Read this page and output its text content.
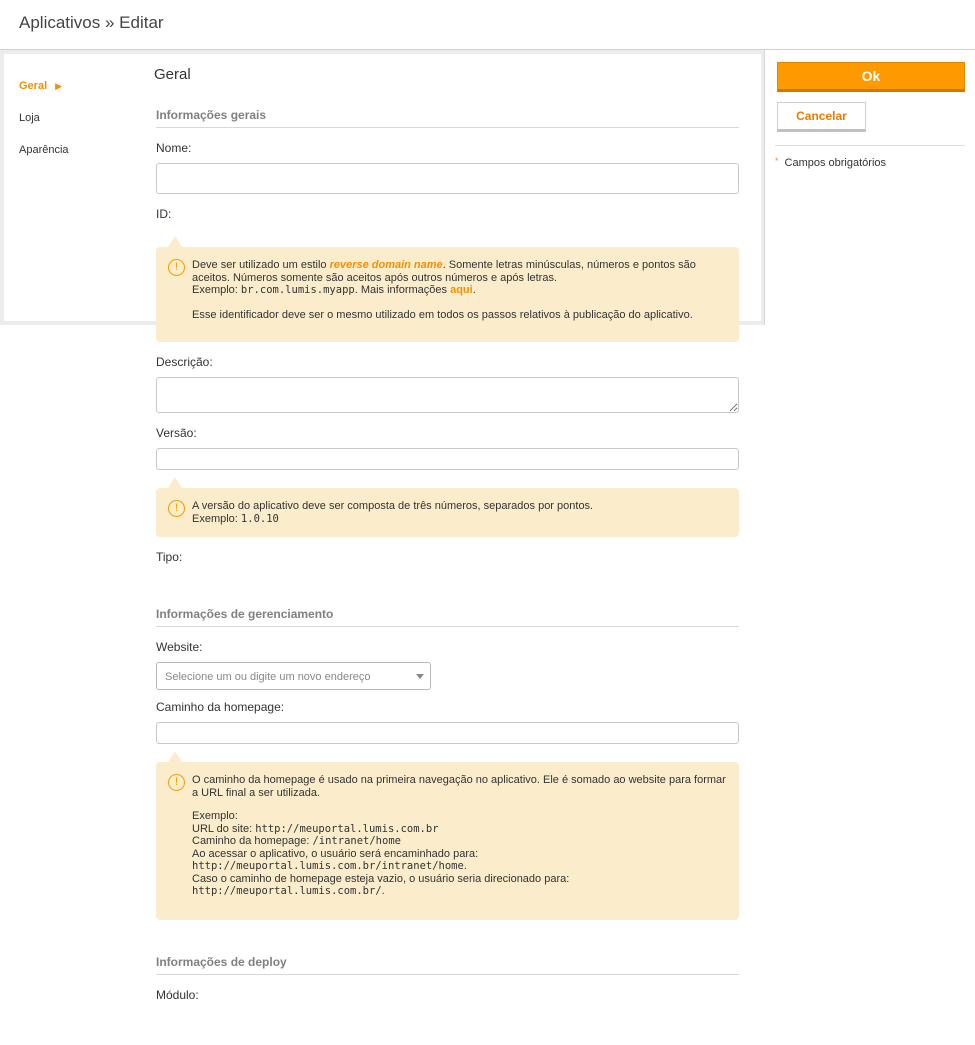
Aplicativos » Editar
Ok
Cancelar
* Campos obrigatórios
Geral ▶
Loja
Aparência
Geral
Informações gerais
Nome:
ID:
!	Deve ser utilizado um estilo reverse domain name. Somente letras minúsculas, números e pontos são aceitos. Números somente são aceitos após outros números e após letras.
Exemplo: br.com.lumis.myapp. Mais informações aqui.
Esse identificador deve ser o mesmo utilizado em todos os passos relativos à publicação do aplicativo.
Descrição:
Versão:
!	A versão do aplicativo deve ser composta de três números, separados por pontos.
Exemplo: 1.0.10
Tipo:
Informações de gerenciamento
Website:
Selecione um ou digite um novo endereço
Caminho da homepage:
!	O caminho da homepage é usado na primeira navegação no aplicativo. Ele é somado ao website para formar a URL final a ser utilizada.
Exemplo:
URL do site: http://meuportal.lumis.com.br
Caminho da homepage: /intranet/home
Ao acessar o aplicativo, o usuário será encaminhado para:
http://meuportal.lumis.com.br/intranet/home.
Caso o caminho de homepage esteja vazio, o usuário seria direcionado para:
http://meuportal.lumis.com.br/.
Informações de deploy
Módulo:
